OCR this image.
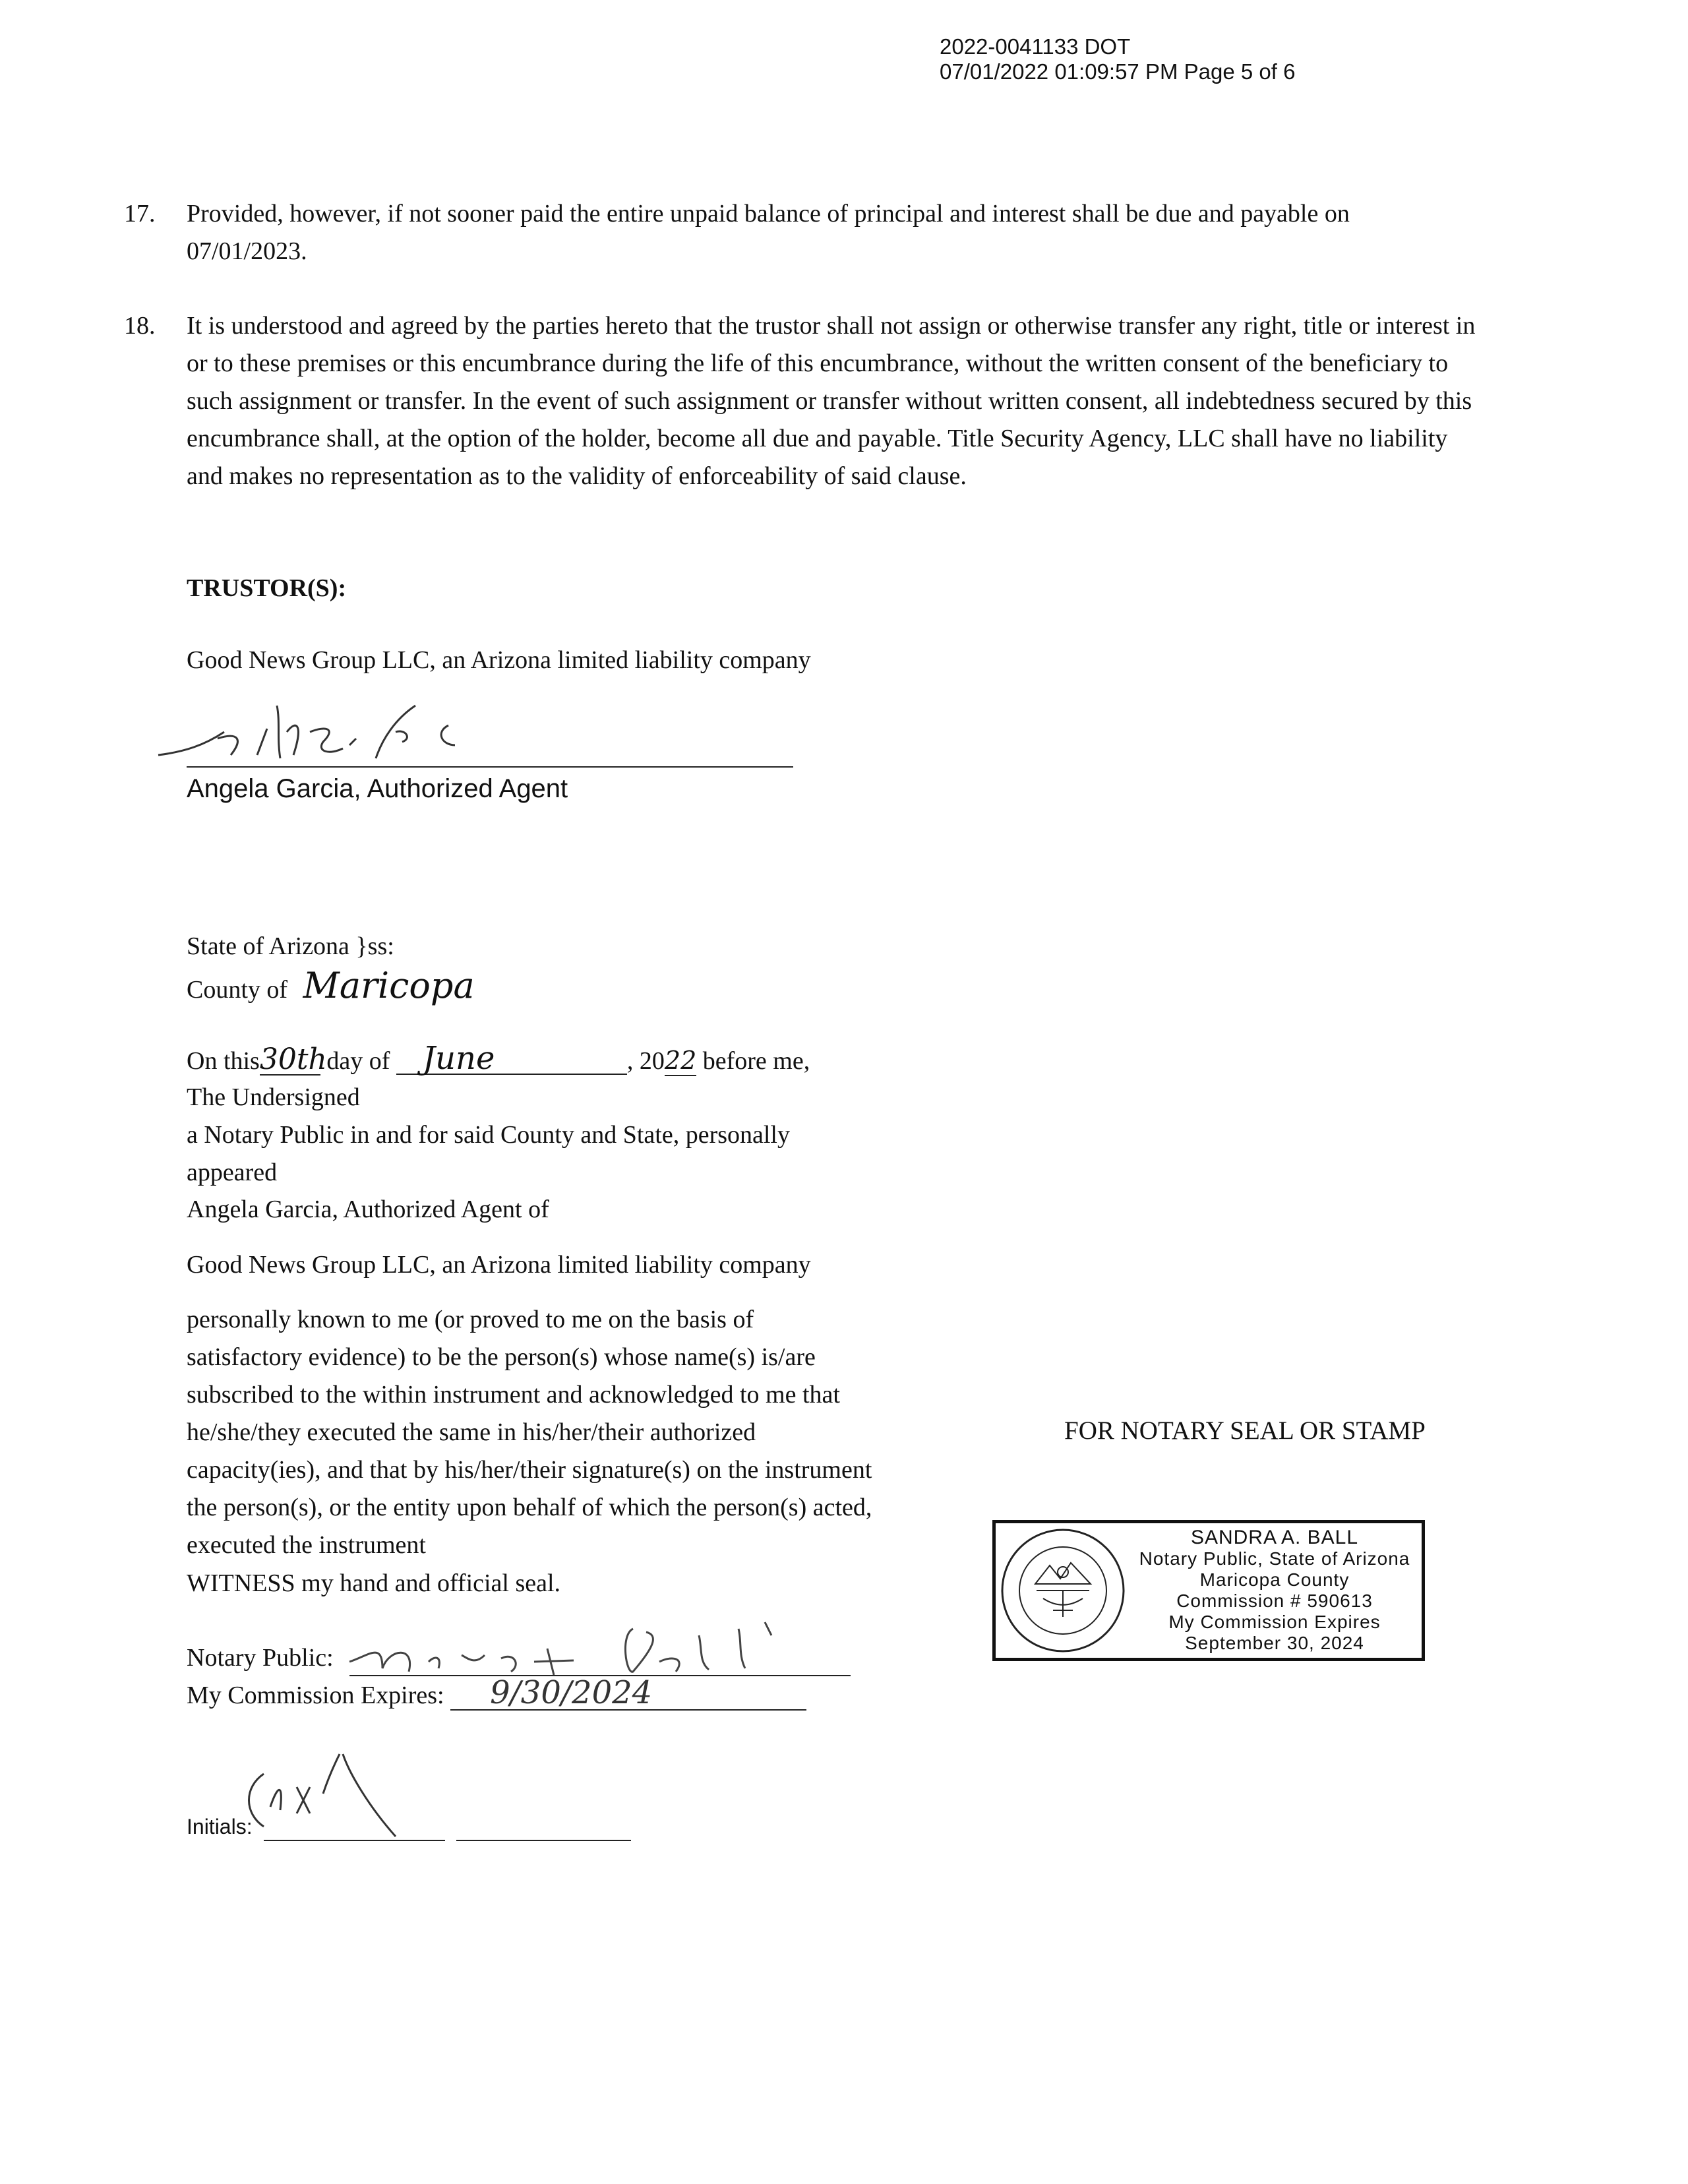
2022-0041133 DOT
07/01/2022 01:09:57 PM Page 5 of 6
17. Provided, however, if not sooner paid the entire unpaid balance of principal and interest shall be due and payable on 07/01/2023.
18. It is understood and agreed by the parties hereto that the trustor shall not assign or otherwise transfer any right, title or interest in or to these premises or this encumbrance during the life of this encumbrance, without the written consent of the beneficiary to such assignment or transfer. In the event of such assignment or transfer without written consent, all indebtedness secured by this encumbrance shall, at the option of the holder, become all due and payable. Title Security Agency, LLC shall have no liability and makes no representation as to the validity of enforceability of said clause.
TRUSTOR(S):
Good News Group LLC, an Arizona limited liability company
Angela Garcia, Authorized Agent
State of Arizona }ss:
County of Maricopa
On this30th day of June	, 2022 before me,
The Undersigned
a Notary Public in and for said County and State, personally
appeared
Angela Garcia, Authorized Agent of
Good News Group LLC, an Arizona limited liability company
personally known to me (or proved to me on the basis of
satisfactory evidence) to be the person(s) whose name(s) is/are
subscribed to the within instrument and acknowledged to me that
he/she/they executed the same in his/her/their authorized
capacity(ies), and that by his/her/their signature(s) on the instrument
the person(s), or the entity upon behalf of which the person(s) acted,
executed the instrument
WITNESS my hand and official seal.
Notary Public:
My Commission Expires: 9/30/2024
Initials:
FOR NOTARY SEAL OR STAMP
SANDRA A. BALL
Notary Public, State of Arizona
Maricopa County
Commission # 590613
My Commission Expires
September 30, 2024
